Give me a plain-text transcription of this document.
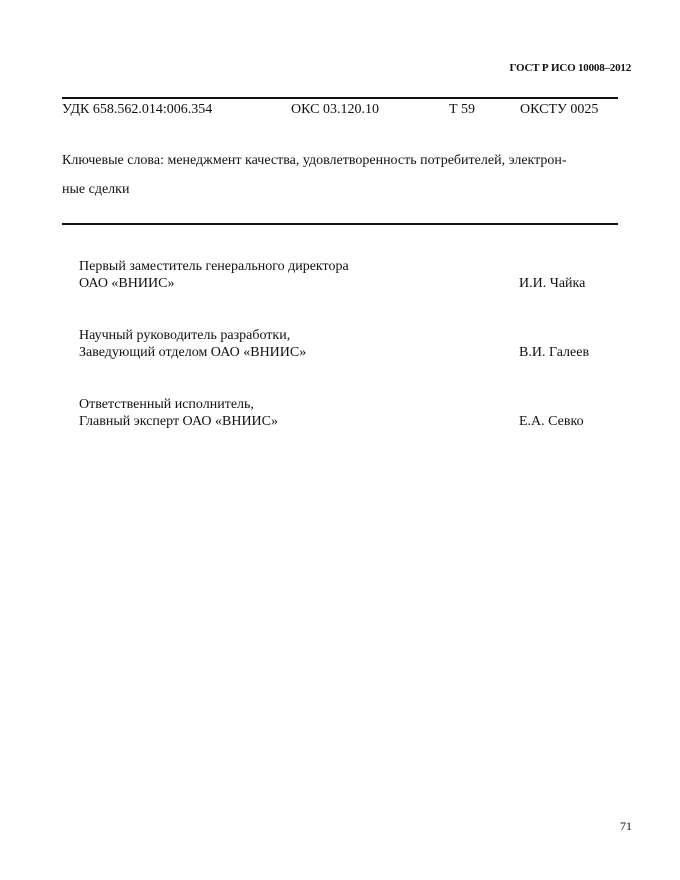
ГОСТ Р ИСО 10008–2012
УДК 658.562.014:006.354	ОКС 03.120.10	Т 59	ОКСТУ 0025
Ключевые слова: менеджмент качества, удовлетворенность потребителей, электрон-
ные сделки
Первый заместитель генерального директора
ОАО «ВНИИС»	И.И. Чайка
Научный руководитель разработки,
Заведующий отделом ОАО «ВНИИС»	В.И. Галеев
Ответственный исполнитель,
Главный эксперт ОАО «ВНИИС»	Е.А. Севко
71
